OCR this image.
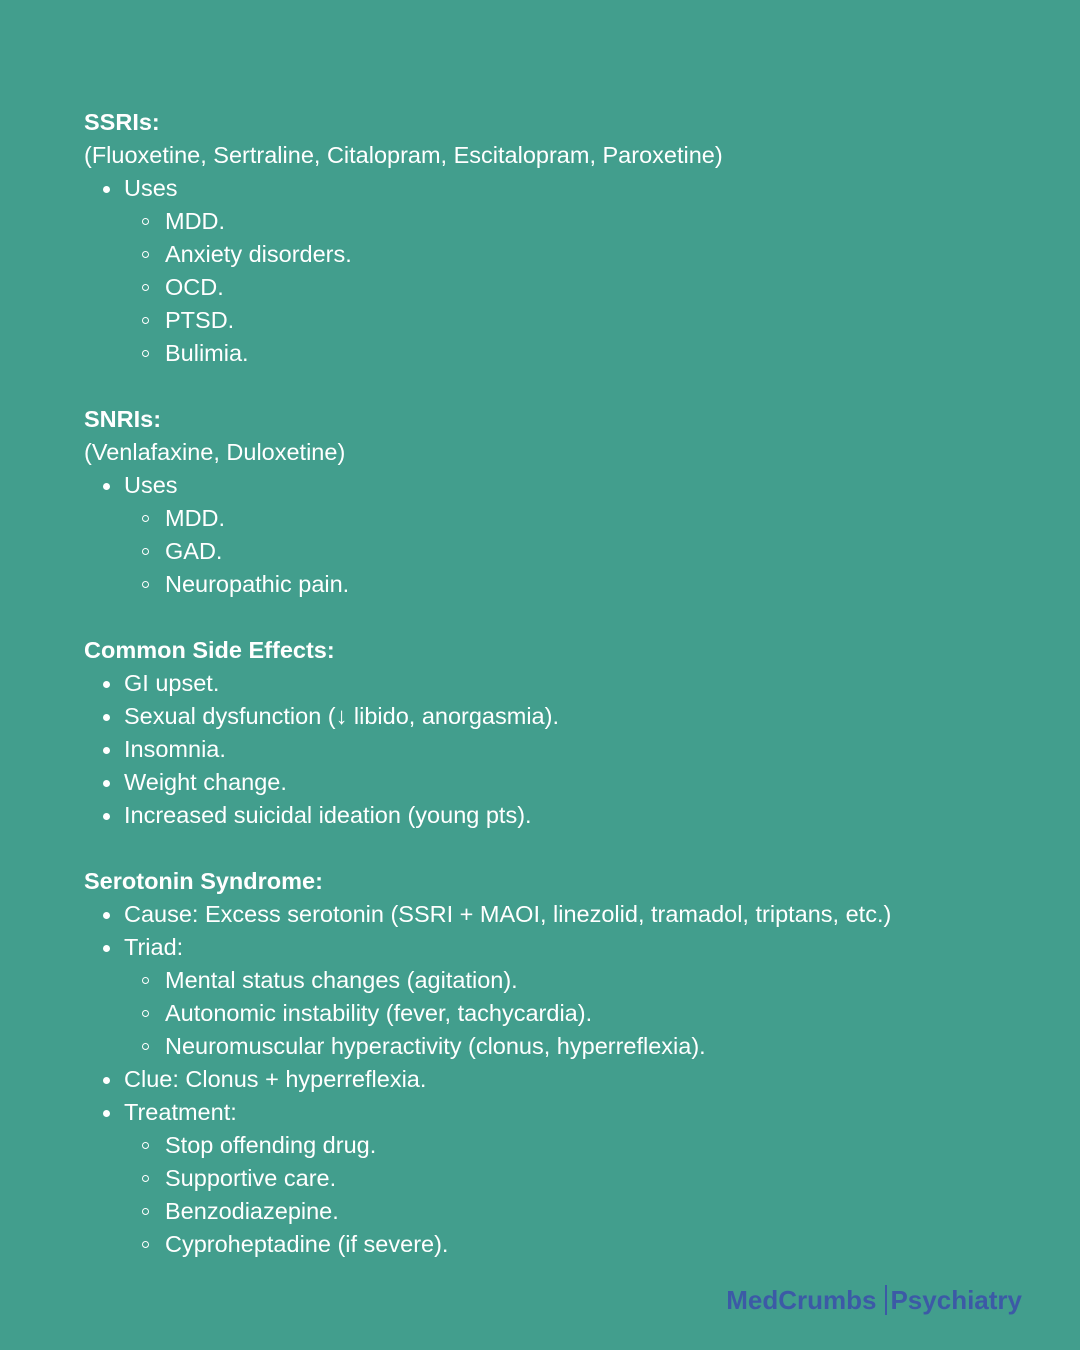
SSRIs:
(Fluoxetine, Sertraline, Citalopram, Escitalopram, Paroxetine)
Uses
MDD.
Anxiety disorders.
OCD.
PTSD.
Bulimia.
SNRIs:
(Venlafaxine, Duloxetine)
Uses
MDD.
GAD.
Neuropathic pain.
Common Side Effects:
GI upset.
Sexual dysfunction (↓ libido, anorgasmia).
Insomnia.
Weight change.
Increased suicidal ideation (young pts).
Serotonin Syndrome:
Cause: Excess serotonin (SSRI + MAOI, linezolid, tramadol, triptans, etc.)
Triad:
Mental status changes (agitation).
Autonomic instability (fever, tachycardia).
Neuromuscular hyperactivity (clonus, hyperreflexia).
Clue: Clonus + hyperreflexia.
Treatment:
Stop offending drug.
Supportive care.
Benzodiazepine.
Cyproheptadine (if severe).
MedCrumbs Psychiatry
